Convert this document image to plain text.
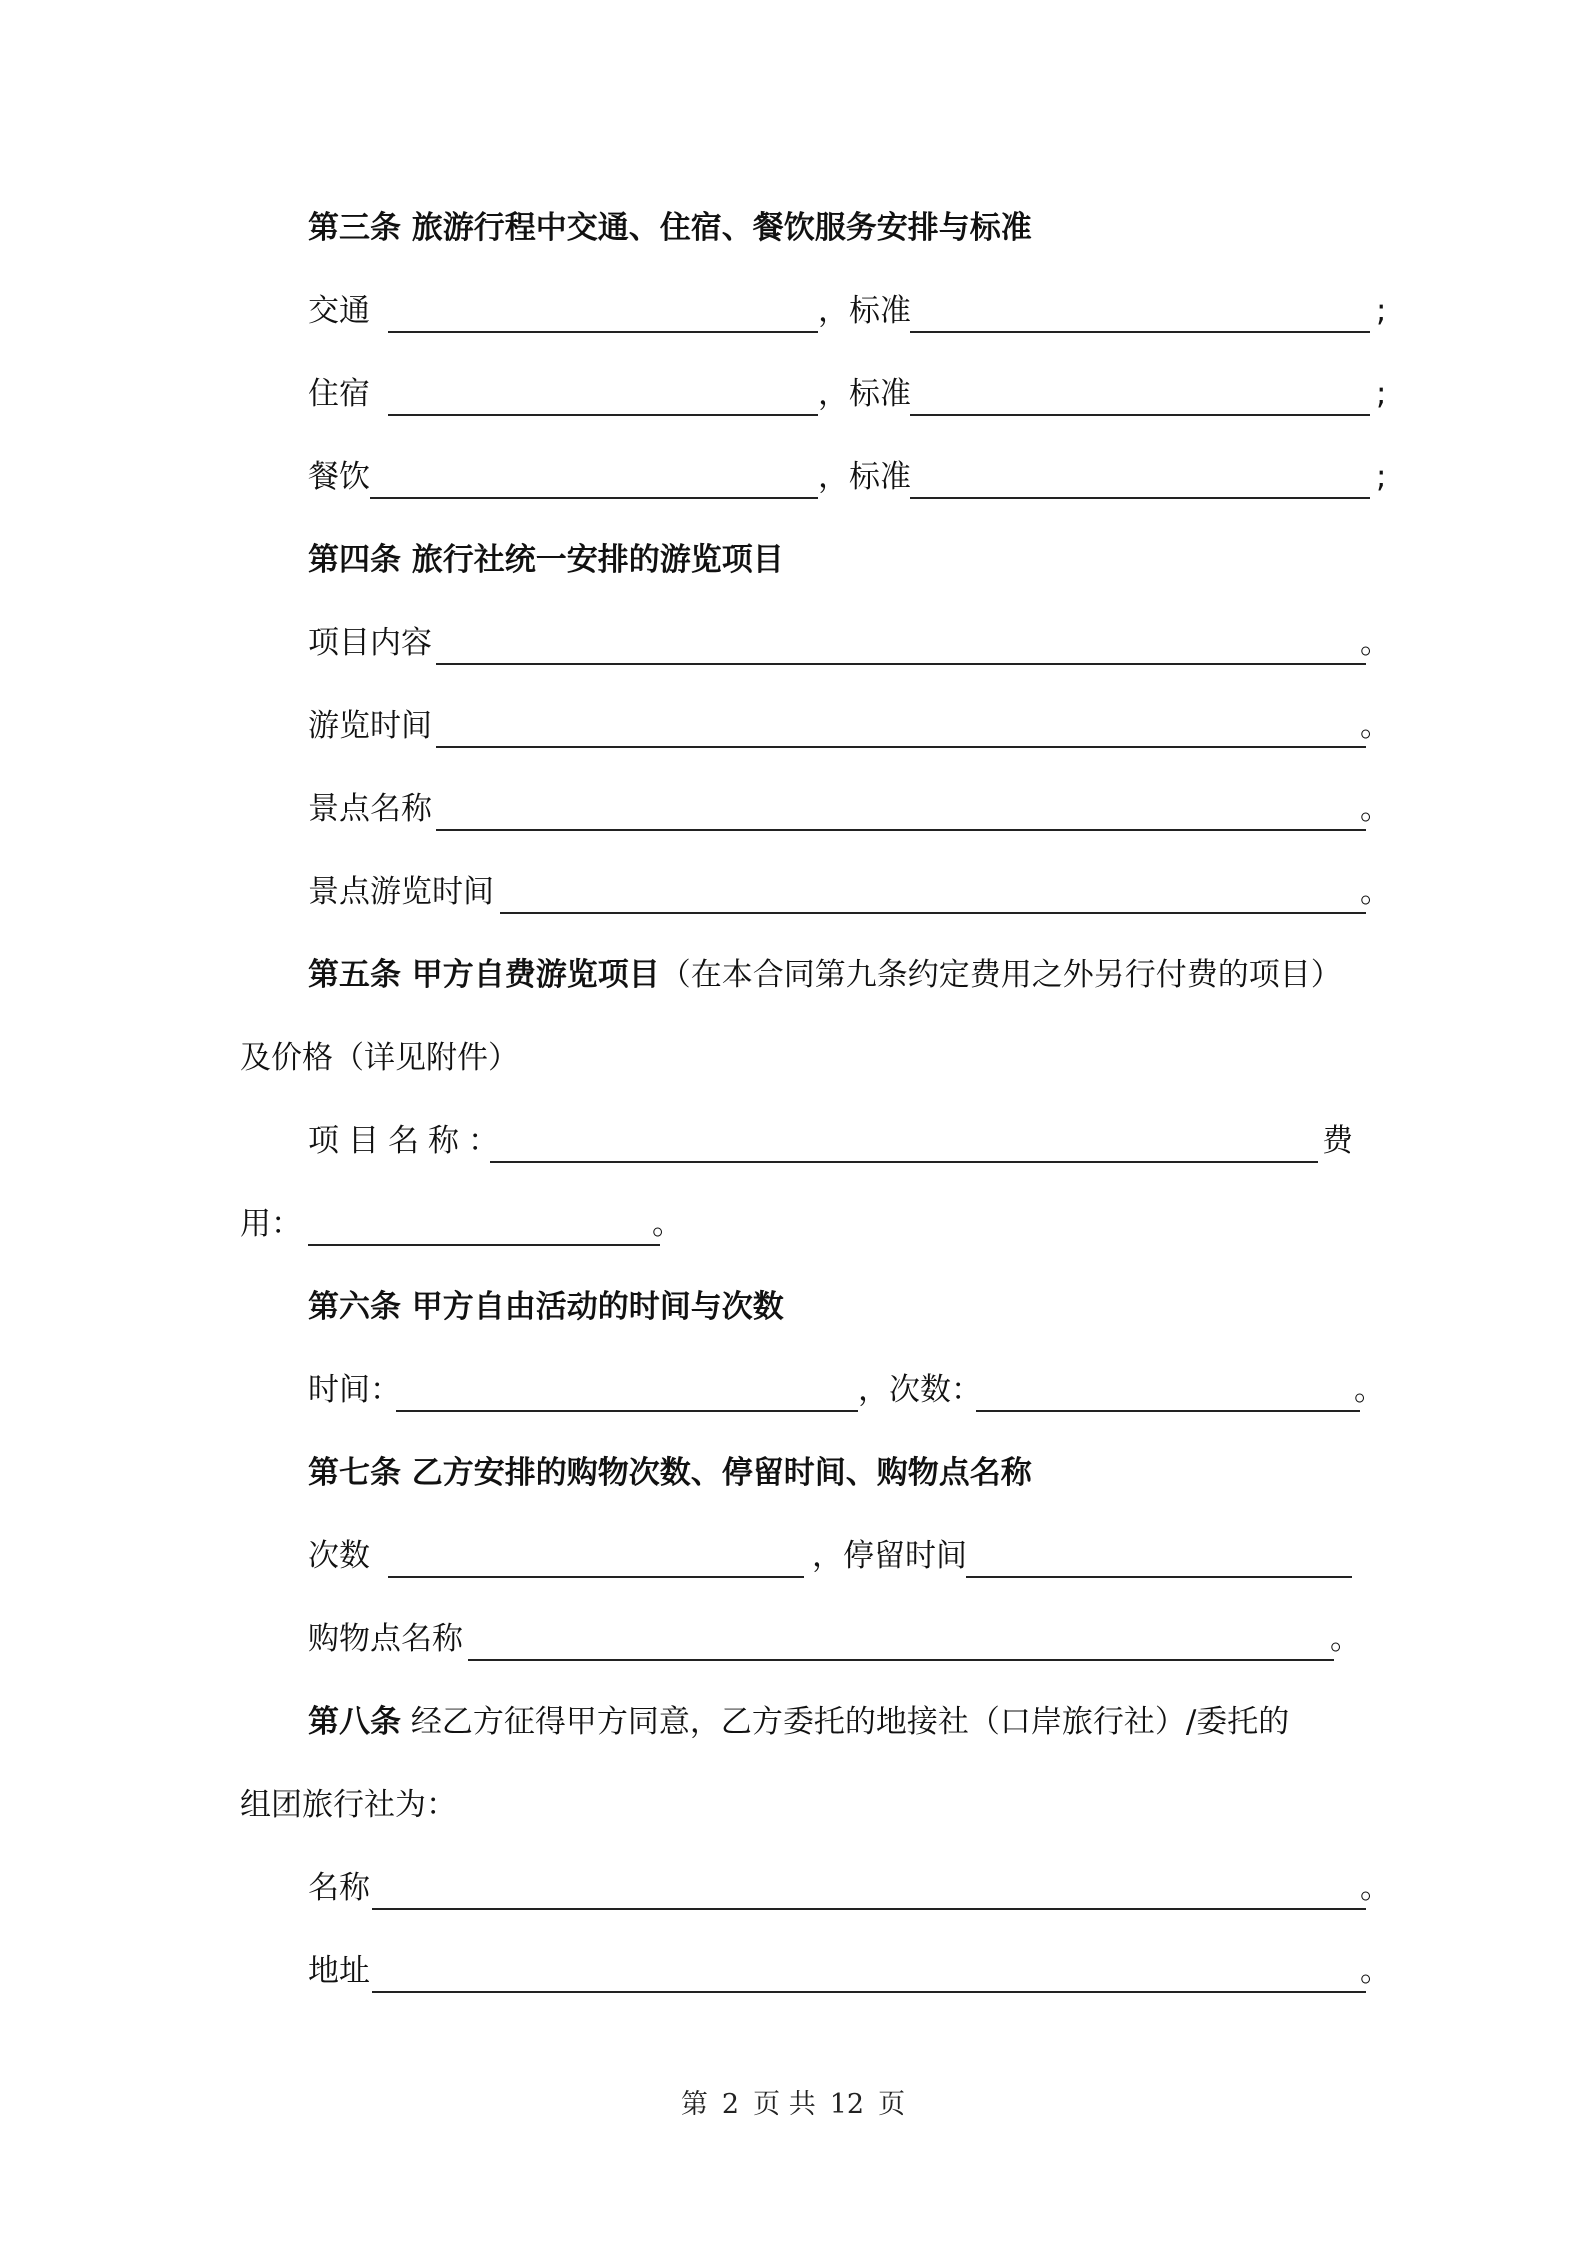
第三条 旅游行程中交通、住宿、餐饮服务安排与标准
交通	，标准	;
住宿	，标准	;
餐饮	，标准	;
第四条 旅行社统一安排的游览项目
项目内容	。
游览时间	。
景点名称	。
景点游览时间	。
第五条 甲方自费游览项目（在本合同第九条约定费用之外另行付费的项目）
及价格（详见附件）
项目名称：	费
用：	。
第六条 甲方自由活动的时间与次数
时间：	，次数：	。
第七条 乙方安排的购物次数、停留时间、购物点名称
次数	，停留时间
购物点名称	。
第八条 经乙方征得甲方同意，乙方委托的地接社（口岸旅行社）/委托的
组团旅行社为：
名称	。
地址	。
第 2 页 共 12 页
